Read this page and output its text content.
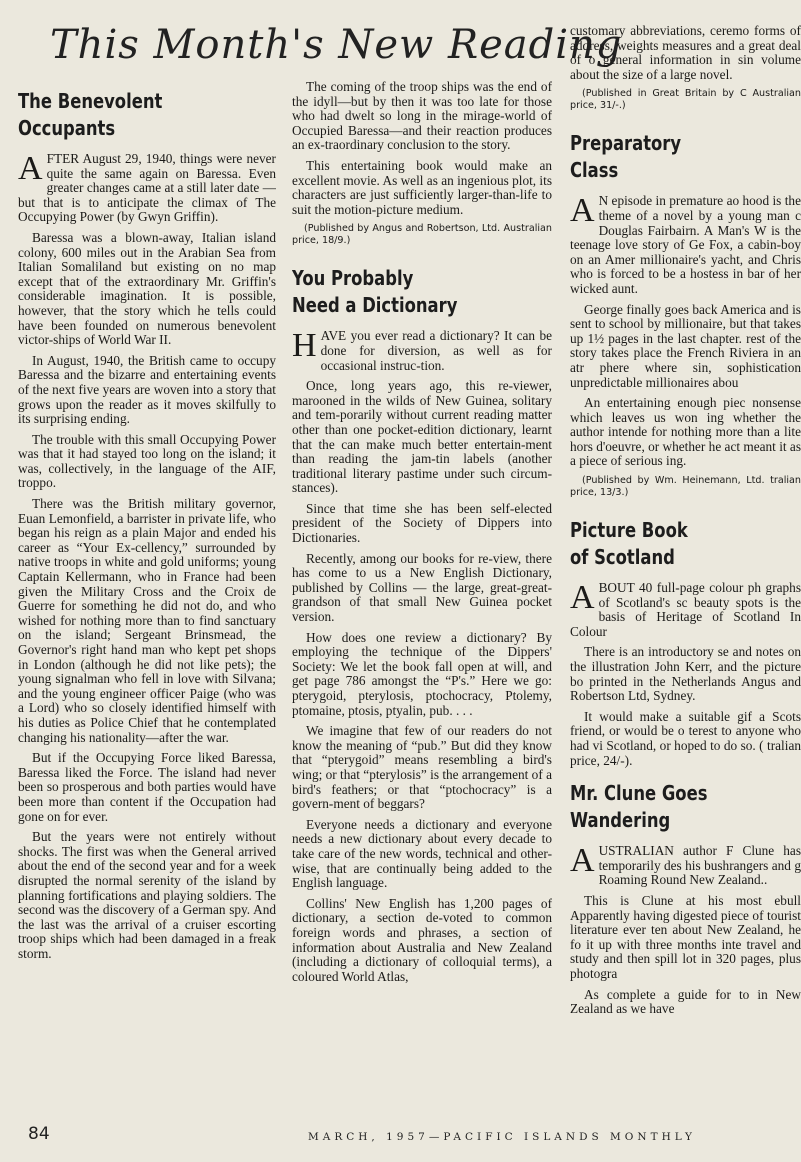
This Month's New Reading
The Benevolent
Occupants

AFTER August 29, 1940, things were never quite the same again on Baressa. Even greater changes came at a still later date —but that is to anticipate the climax of The Occupying Power (by Gwyn Griffin).

Baressa was a blown-away, Italian island colony, 600 miles out in the Arabian Sea from Italian Somaliland but existing on no map except that of the extraordinary Mr. Griffin's considerable imagination. It is possible, however, that the story which he tells could have been founded on numerous benevolent victor-ships of World War II.

In August, 1940, the British came to occupy Baressa and the bizarre and entertaining events of the next five years are woven into a story that grows upon the reader as it moves skilfully to its surprising ending.

The trouble with this small Occupying Power was that it had stayed too long on the island; it was, collectively, in the language of the AIF, troppo.

There was the British military governor, Euan Lemonfield, a barrister in private life, who began his reign as a plain Major and ended his career as “Your Ex-cellency,” surrounded by native troops in white and gold uniforms; young Captain Kellermann, who in France had been given the Military Cross and the Croix de Guerre for something he did not do, and who wished for nothing more than to find sanctuary on the island; Sergeant Brinsmead, the Governor's right hand man who kept pet shops in London (although he did not like pets); the young signalman who fell in love with Silvana; and the young engineer officer Paige (who was a Lord) who so closely identified himself with his duties as Police Chief that he contemplated changing his nationality—after the war.

But if the Occupying Force liked Baressa, Baressa liked the Force. The island had never been so prosperous and both parties would have been more than content if the Occupation had gone on for ever.

But the years were not entirely without shocks. The first was when the General arrived about the end of the second year and for a week disrupted the normal serenity of the island by planning fortifications and playing soldiers. The second was the discovery of a German spy. And the last was the arrival of a cruiser escorting troop ships which had been damaged in a freak storm.

The coming of the troop ships was the end of the idyll—but by then it was too late for those who had dwelt so long in the mirage-world of Occupied Baressa—and their reaction produces an ex-traordinary conclusion to the story.

This entertaining book would make an excellent movie. As well as an ingenious plot, its characters are just sufficiently larger-than-life to suit the motion-picture medium.

(Published by Angus and Robertson, Ltd. Australian price, 18/9.)

You Probably
Need a Dictionary

HAVE you ever read a dictionary? It can be done for diversion, as well as for occasional instruc-tion.

Once, long years ago, this re-viewer, marooned in the wilds of New Guinea, solitary and tem-porarily without current reading matter other than one pocket-edition dictionary, learnt that the can make much better entertain-ment than reading the jam-tin labels (another traditional literary pastime under such circum-stances).

Since that time she has been self-elected president of the Society of Dippers into Dictionaries.

Recently, among our books for re-view, there has come to us a New English Dictionary, published by Collins — the large, great-great-grandson of that small New Guinea pocket version.

How does one review a dictionary? By employing the technique of the Dippers' Society: We let the book fall open at will, and get page 786 amongst the “P's.” Here we go: pterygoid, pterylosis, ptochocracy, Ptolemy, ptomaine, ptosis, ptyalin, pub. . . .

We imagine that few of our readers do not know the meaning of “pub.” But did they know that “pterygoid” means resembling a bird's wing; or that “pterylosis” is the arrangement of a bird's feathers; or that “ptochocracy” is a govern-ment of beggars?

Everyone needs a dictionary and everyone needs a new dictionary about every decade to take care of the new words, technical and other-wise, that are continually being added to the English language.

Collins' New English has 1,200 pages of dictionary, a section de-voted to common foreign words and phrases, a section of information about Australia and New Zealand (including a dictionary of colloquial terms), a coloured World Atlas,

customary abbreviations, ceremo forms of address, weights measures and a great deal of o general information in sin volume about the size of a large novel.

(Published in Great Britain by C Australian price, 31/-.)

Preparatory
Class

A N episode in premature ao hood is the theme of a novel by a young man c Douglas Fairbairn. A Man's W is the teenage love story of Ge Fox, a cabin-boy on an Amer millionaire's yacht, and Chris who is forced to be a hostess in bar of her wicked aunt.

George finally goes back America and is sent to school by millionaire, but that takes up 1½ pages in the last chapter. rest of the story takes place the French Riviera in an atr phere where sin, sophistication unpredictable millionaires abou

An entertaining enough piec nonsense which leaves us won ing whether the author intende for nothing more than a lite hors d'oeuvre, or whether he act meant it as a piece of serious ing.

(Published by Wm. Heinemann, Ltd. tralian price, 13/3.)

Picture Book
of Scotland

ABOUT 40 full-page colour ph graphs of Scotland's sc beauty spots is the basis of Heritage of Scotland In Colour

There is an introductory se and notes on the illustration John Kerr, and the picture bo printed in the Netherlands Angus and Robertson Ltd, Sydney.

It would make a suitable gif a Scots friend, or would be o terest to anyone who had vi Scotland, or hoped to do so. ( tralian price, 24/-).

Mr. Clune Goes
Wandering

AUSTRALIAN author F Clune has temporarily des his bushrangers and g Roaming Round New Zealand..

This is Clune at his most ebull Apparently having digested piece of tourist literature ever ten about New Zealand, he fo it up with three months inte travel and study and then spill lot in 320 pages, plus photogra

As complete a guide for to in New Zealand as we have

84	MARCH, 1957—PACIFIC ISLANDS MONTHLY
